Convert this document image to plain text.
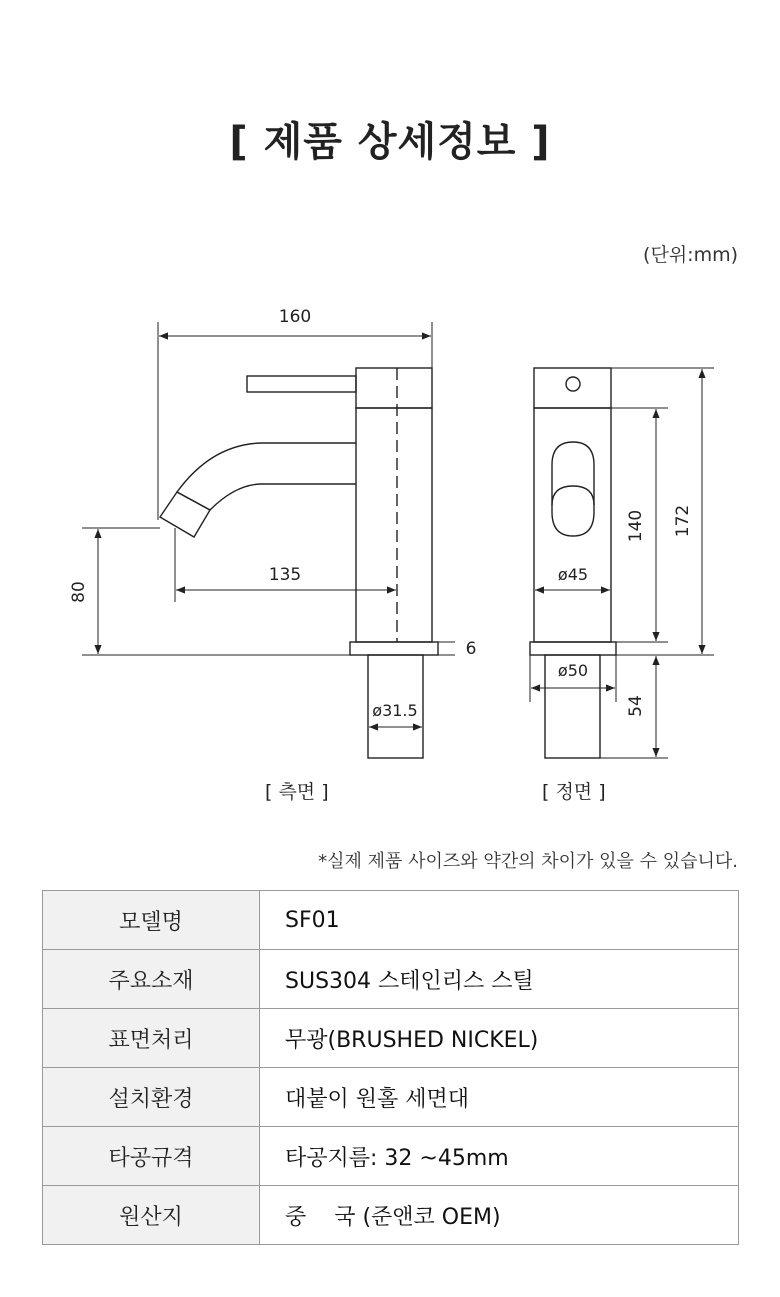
[ 제품 상세정보 ]
(단위:mm)
160
135
80
6
ø31.5
ø45
140 172
ø50
54
[ 측면 ]	[ 정면 ]
*실제 제품 사이즈와 약간의 차이가 있을 수 있습니다.
모델명	SF01
주요소재	SUS304 스테인리스 스틸
표면처리	무광(BRUSHED NICKEL)
설치환경	대붙이 원홀 세면대
타공규격	타공지름: 32 ~45mm
원산지	중    국 (준앤코 OEM)
